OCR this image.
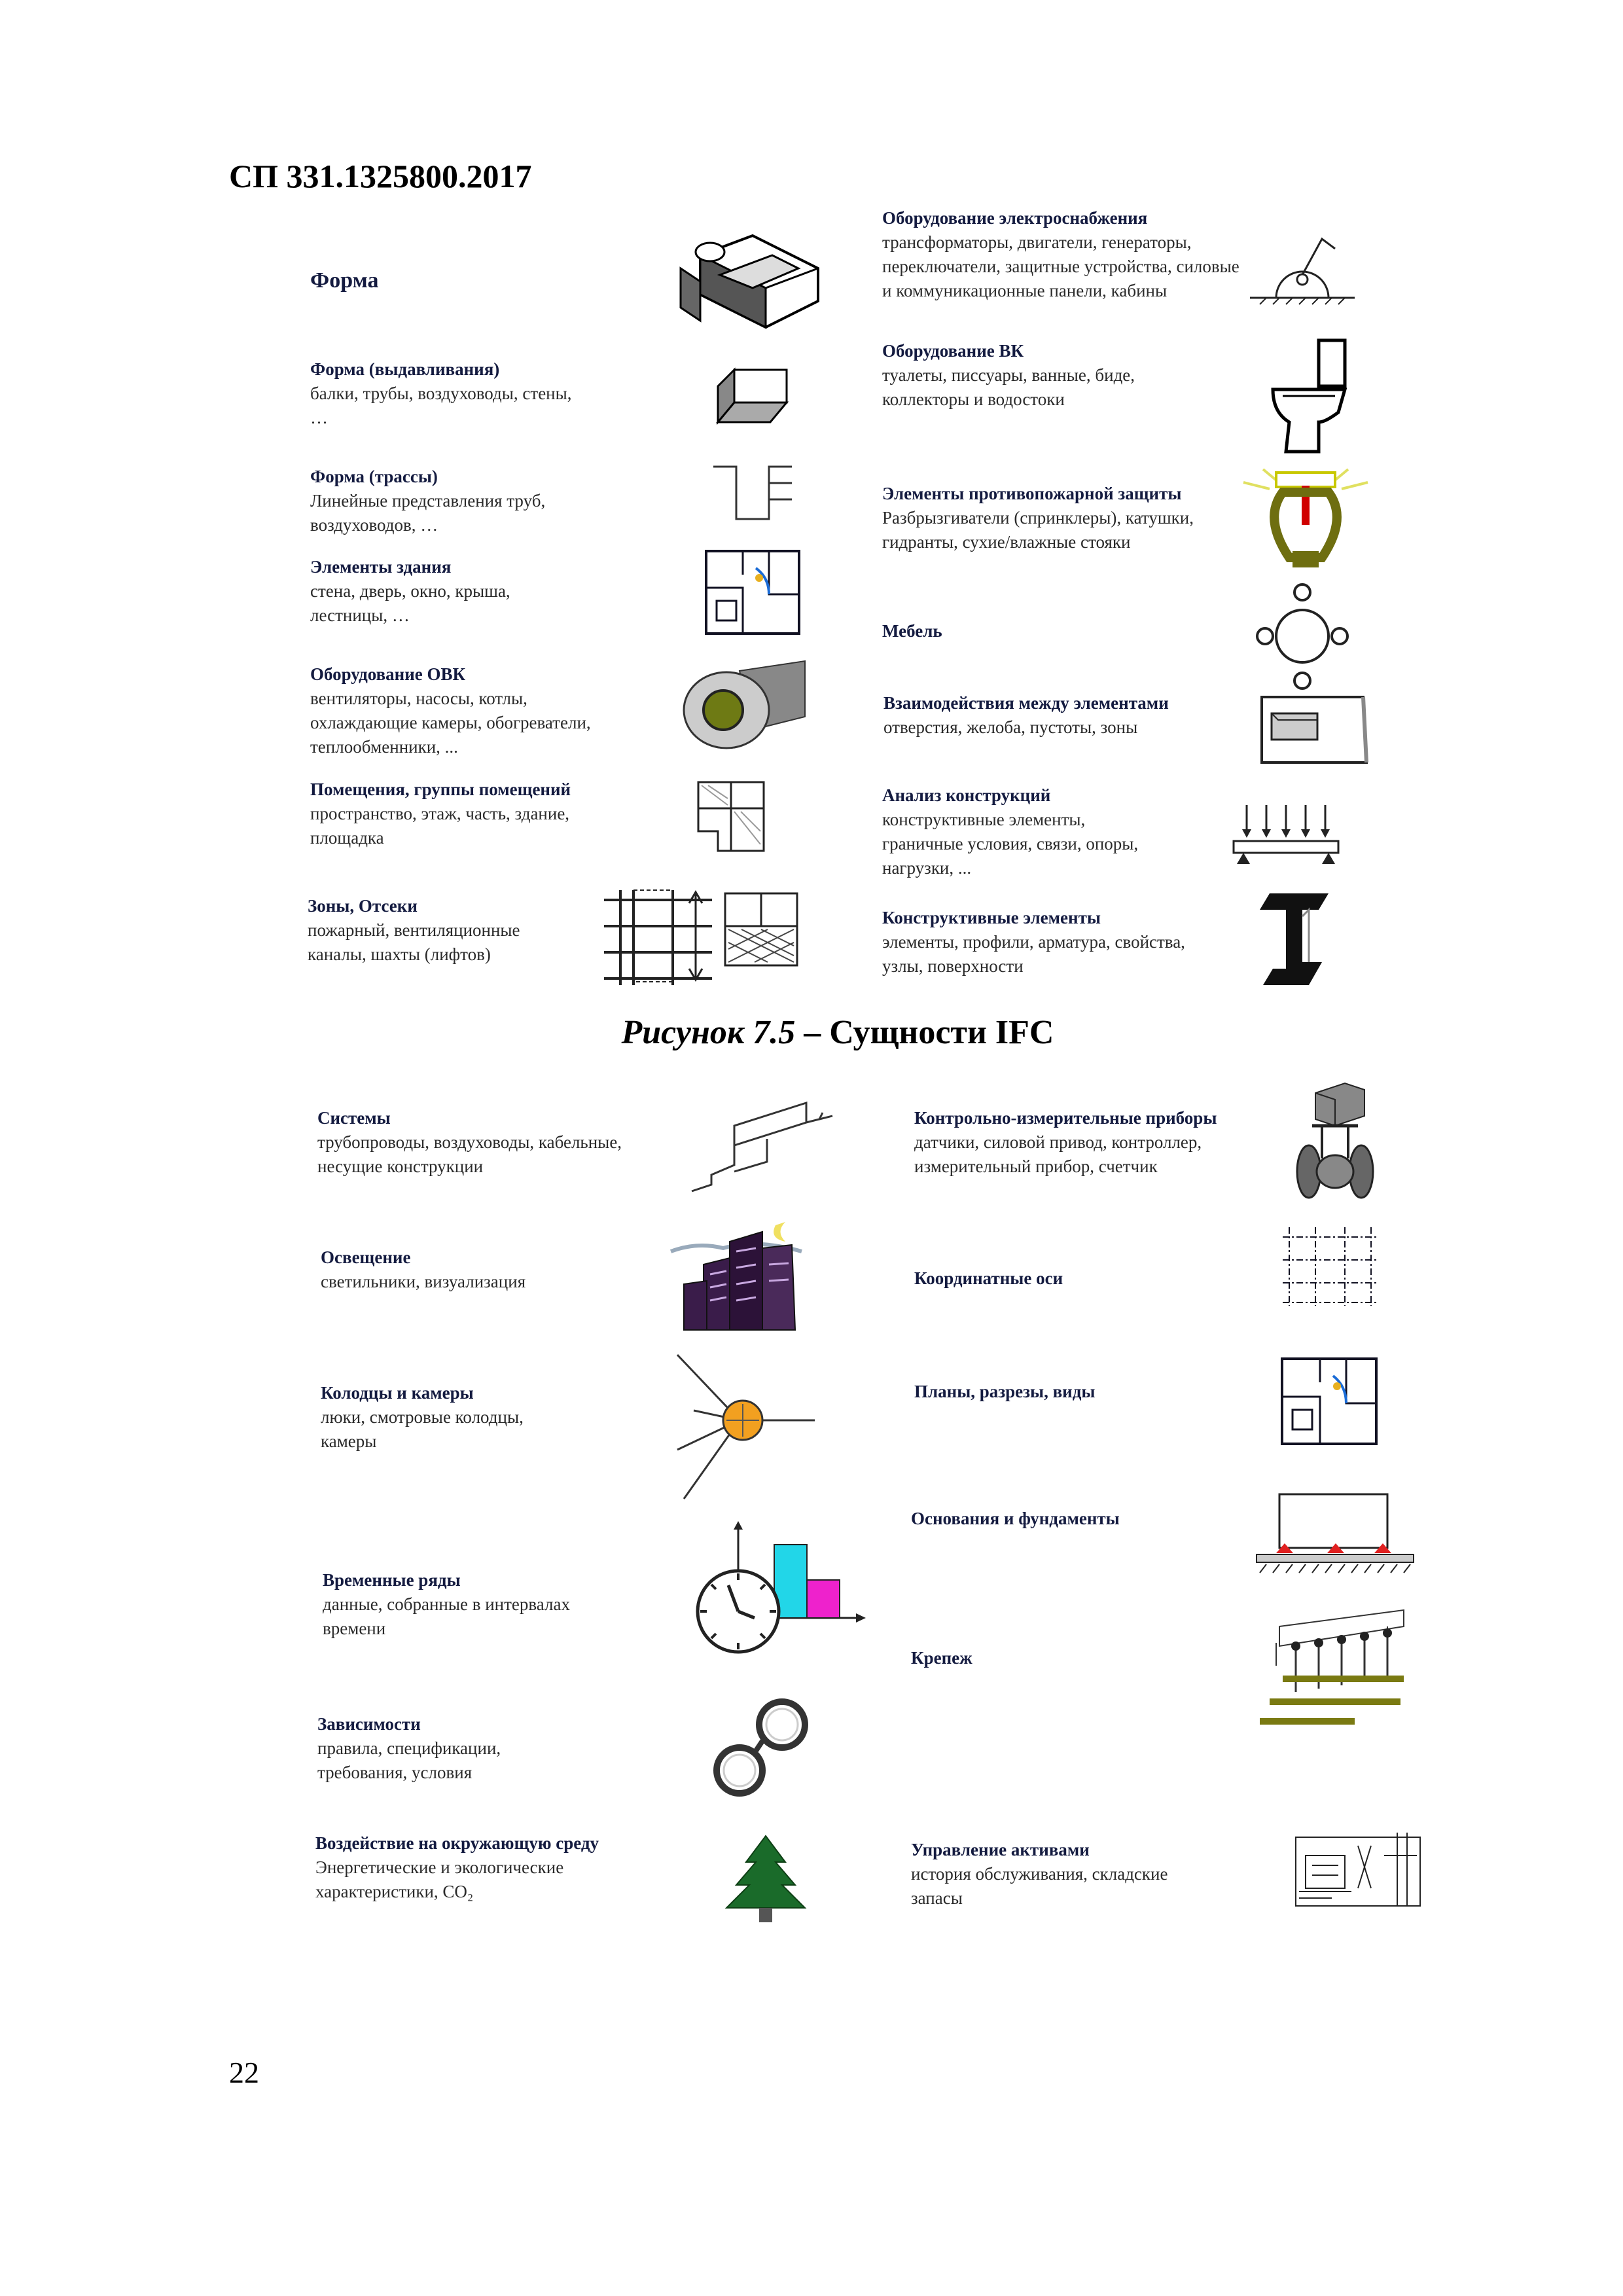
СП 331.1325800.2017
Форма
Форма (выдавливания)
балки, трубы, воздуховоды, стены, …
Форма (трассы)
Линейные представления труб, воздуховодов, …
Элементы здания
стена, дверь, окно, крыша, лестницы, …
Оборудование ОВК
вентиляторы, насосы, котлы, охлаждающие камеры, обогреватели, теплообменники, ...
Помещения, группы помещений
пространство, этаж, часть, здание, площадка
Зоны, Отсеки
пожарный, вентиляционные каналы, шахты (лифтов)
Оборудование электроснабжения
трансформаторы, двигатели, генераторы, переключатели, защитные устройства, силовые и коммуникационные панели, кабины
Оборудование ВК
туалеты, писсуары, ванные, биде, коллекторы и водостоки
Элементы противопожарной защиты
Разбрызгиватели (спринклеры), катушки, гидранты, сухие/влажные стояки
Мебель
Взаимодействия между элементами
отверстия, желоба, пустоты, зоны
Анализ конструкций
конструктивные элементы, граничные условия, связи, опоры, нагрузки, ...
Конструктивные элементы
элементы, профили, арматура, свойства, узлы, поверхности
Рисунок 7.5 – Сущности IFC
Системы
трубопроводы, воздуховоды, кабельные, несущие конструкции
Освещение
светильники, визуализация
Колодцы и камеры
люки, смотровые колодцы, камеры
Временные ряды
данные, собранные в интервалах времени
Зависимости
правила, спецификации, требования, условия
Воздействие на окружающую среду
Энергетические и экологические характеристики, CO₂
Контрольно-измерительные приборы
датчики, силовой привод, контроллер, измерительный прибор, счетчик
Координатные оси
Планы, разрезы, виды
Основания и фундаменты
Крепеж
Управление активами
история обслуживания, складские запасы
22
